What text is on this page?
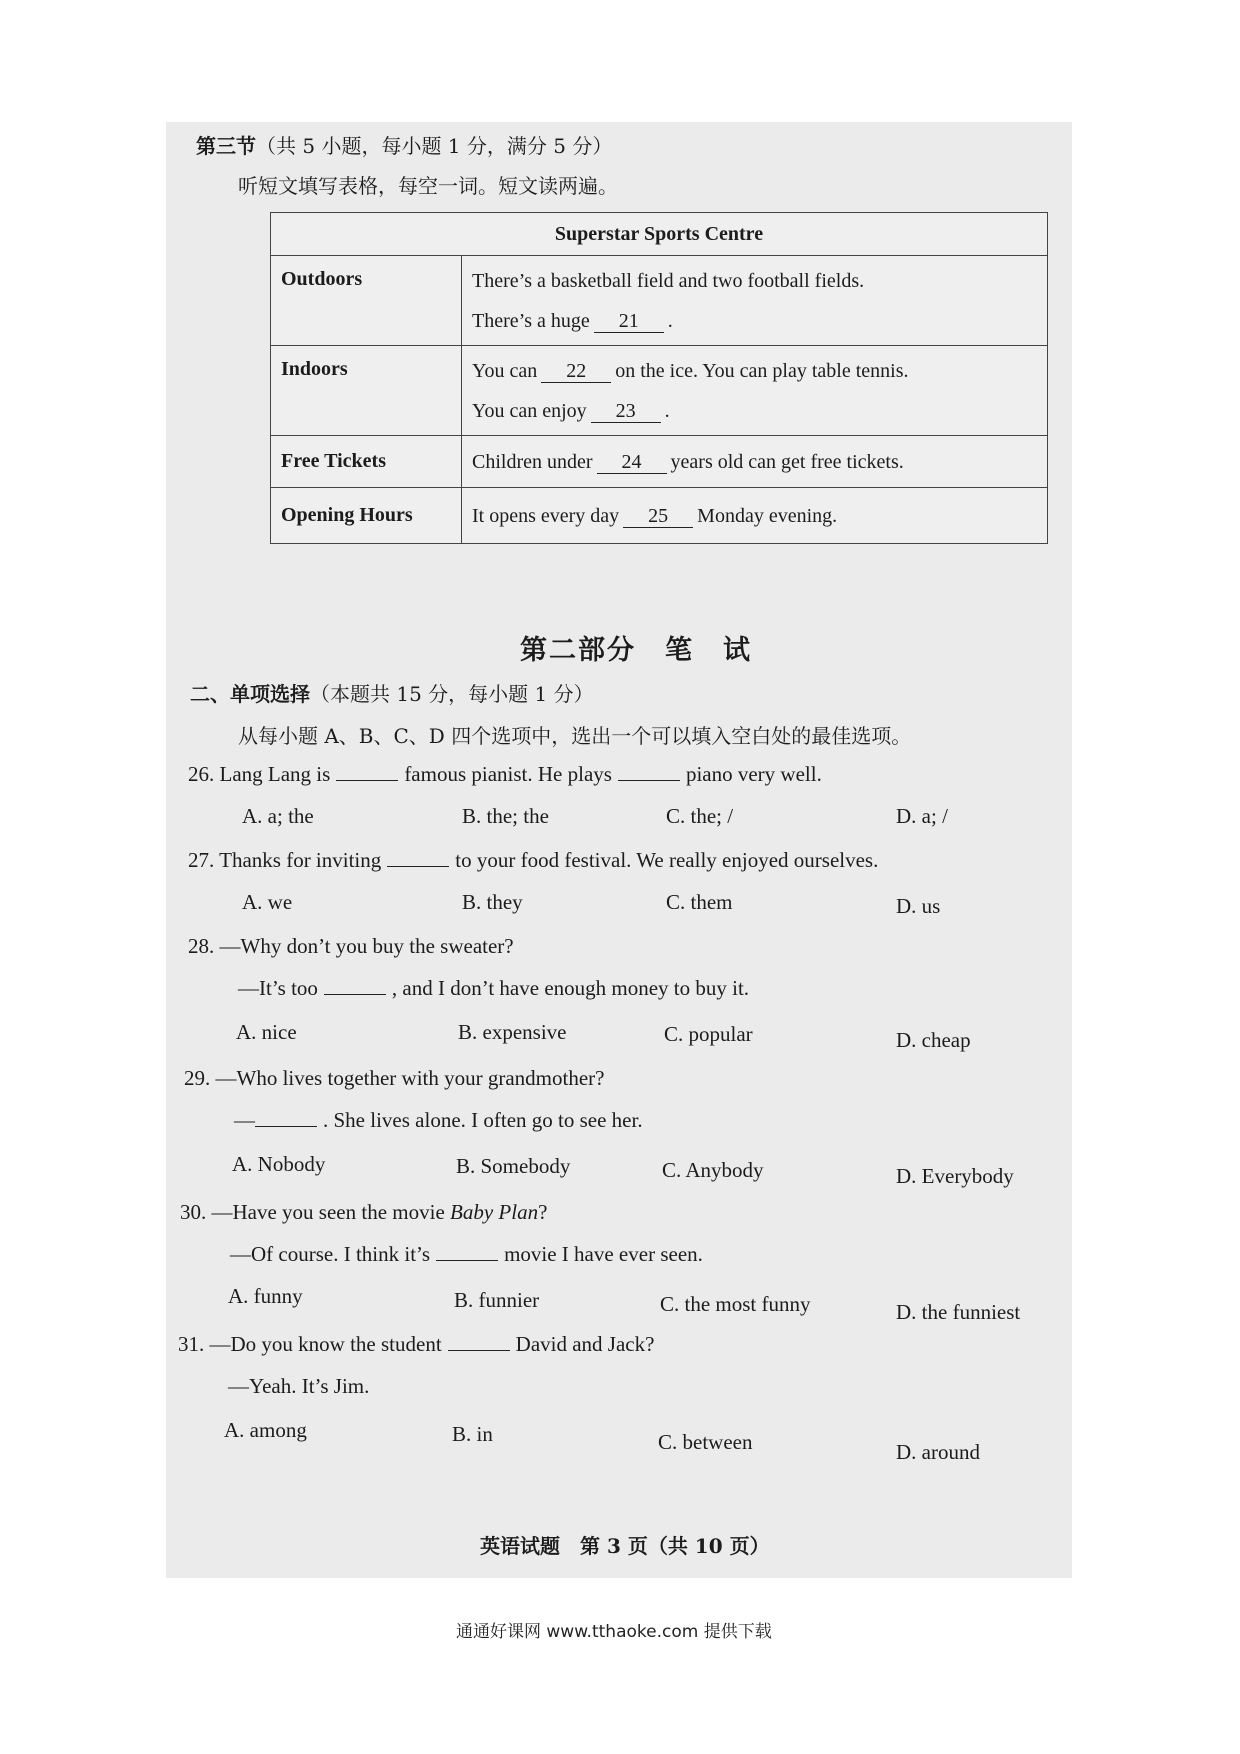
第三节（共 5 小题，每小题 1 分，满分 5 分）
听短文填写表格，每空一词。短文读两遍。
Superstar Sports Centre	
Outdoors	There’s a basketball field and two football fields.
There’s a huge 21 .

Indoors	You can 22 on the ice. You can play table tennis.
You can enjoy 23 .

Free Tickets	Children under 24 years old can get free tickets.

Opening Hours	It opens every day 25 Monday evening.
第二部分　笔　试
二、单项选择（本题共 15 分，每小题 1 分）
从每小题 A、B、C、D 四个选项中，选出一个可以填入空白处的最佳选项。
26. Lang Lang is	famous pianist. He plays	piano very well.
A. a; the	B. the; the	C. the; /	D. a; /
27. Thanks for inviting	to your food festival. We really enjoyed ourselves.
A. we	B. they	C. them	D. us
28. —Why don’t you buy the sweater?
—It’s too	, and I don’t have enough money to buy it.
A. nice	B. expensive	C. popular	D. cheap
29. —Who lives together with your grandmother?
—	. She lives alone. I often go to see her.
A. Nobody	B. Somebody	C. Anybody	D. Everybody
30. —Have you seen the movie Baby Plan?
—Of course. I think it’s	movie I have ever seen.
A. funny	B. funnier	C. the most funny	D. the funniest
31. —Do you know the student	David and Jack?
—Yeah. It’s Jim.
A. among	B. in	C. between	D. around
英语试题　第 3 页（共 10 页）
通通好课网 www.tthaoke.com 提供下载
